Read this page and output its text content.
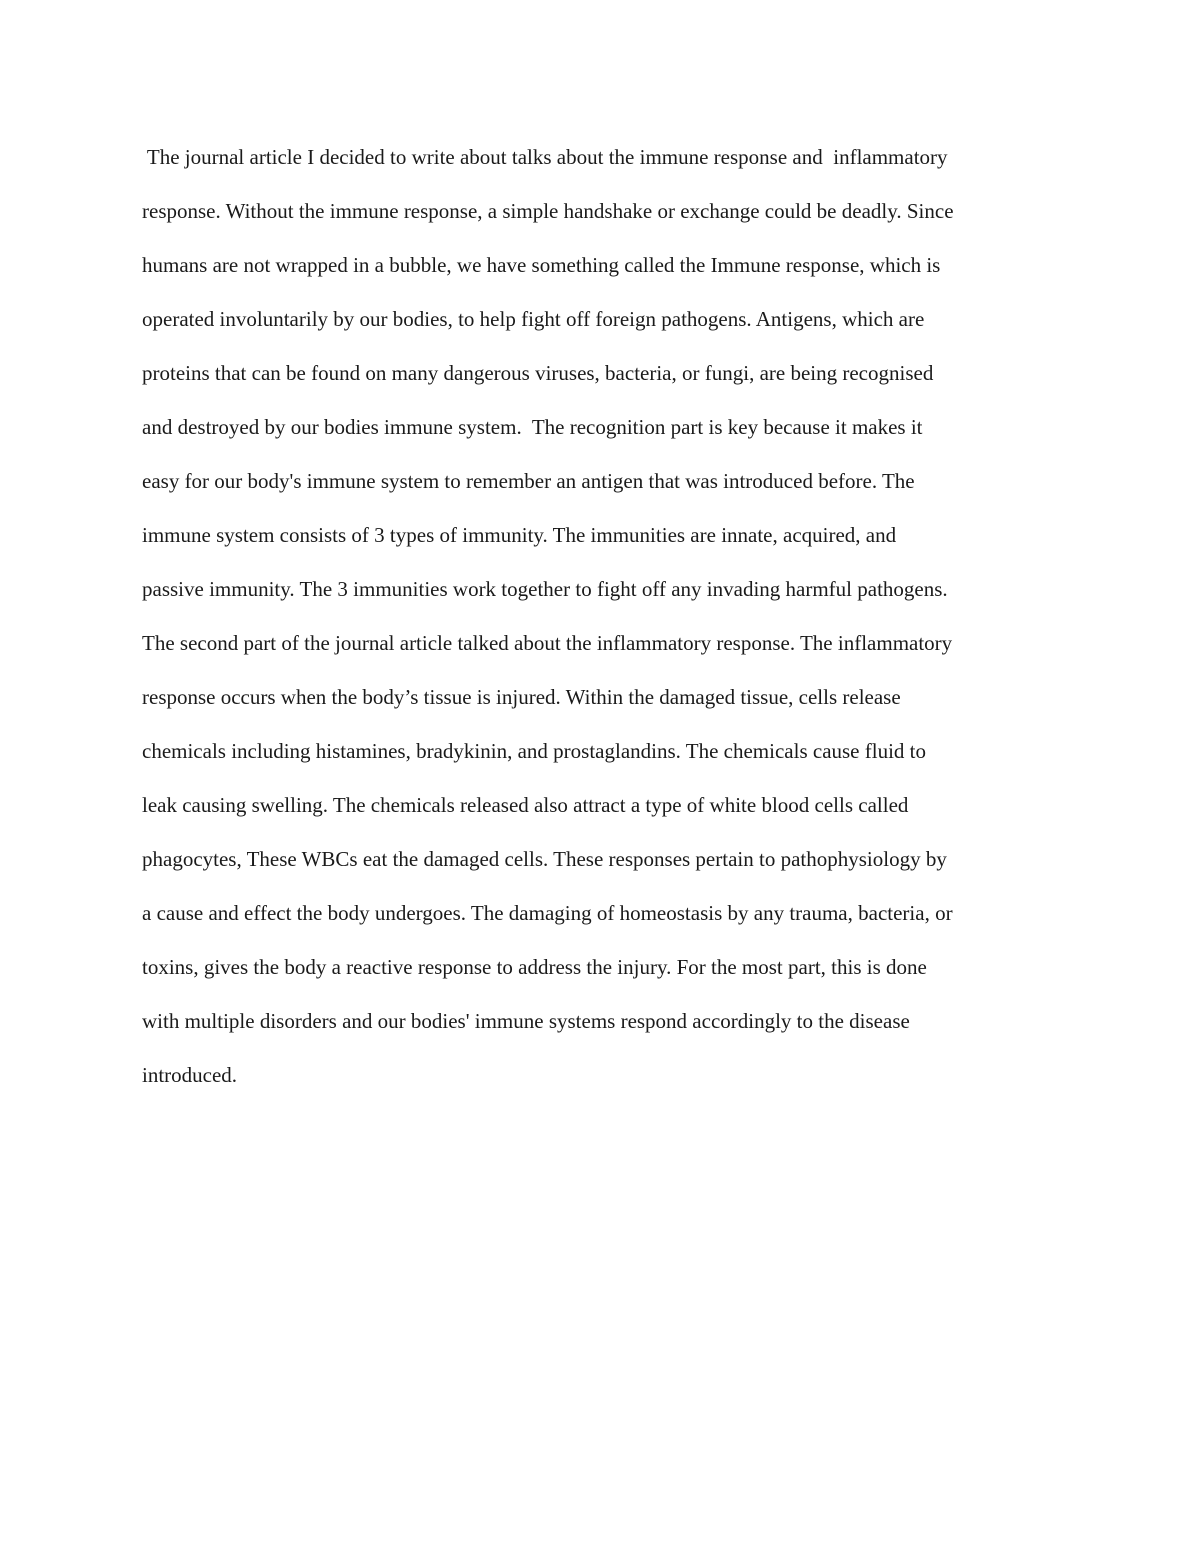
The journal article I decided to write about talks about the immune response and  inflammatory
response. Without the immune response, a simple handshake or exchange could be deadly. Since
humans are not wrapped in a bubble, we have something called the Immune response, which is
operated involuntarily by our bodies, to help fight off foreign pathogens. Antigens, which are
proteins that can be found on many dangerous viruses, bacteria, or fungi, are being recognised
and destroyed by our bodies immune system.  The recognition part is key because it makes it
easy for our body's immune system to remember an antigen that was introduced before. The
immune system consists of 3 types of immunity. The immunities are innate, acquired, and
passive immunity. The 3 immunities work together to fight off any invading harmful pathogens.
The second part of the journal article talked about the inflammatory response. The inflammatory
response occurs when the body’s tissue is injured. Within the damaged tissue, cells release
chemicals including histamines, bradykinin, and prostaglandins. The chemicals cause fluid to
leak causing swelling. The chemicals released also attract a type of white blood cells called
phagocytes, These WBCs eat the damaged cells. These responses pertain to pathophysiology by
a cause and effect the body undergoes. The damaging of homeostasis by any trauma, bacteria, or
toxins, gives the body a reactive response to address the injury. For the most part, this is done
with multiple disorders and our bodies' immune systems respond accordingly to the disease
introduced.
